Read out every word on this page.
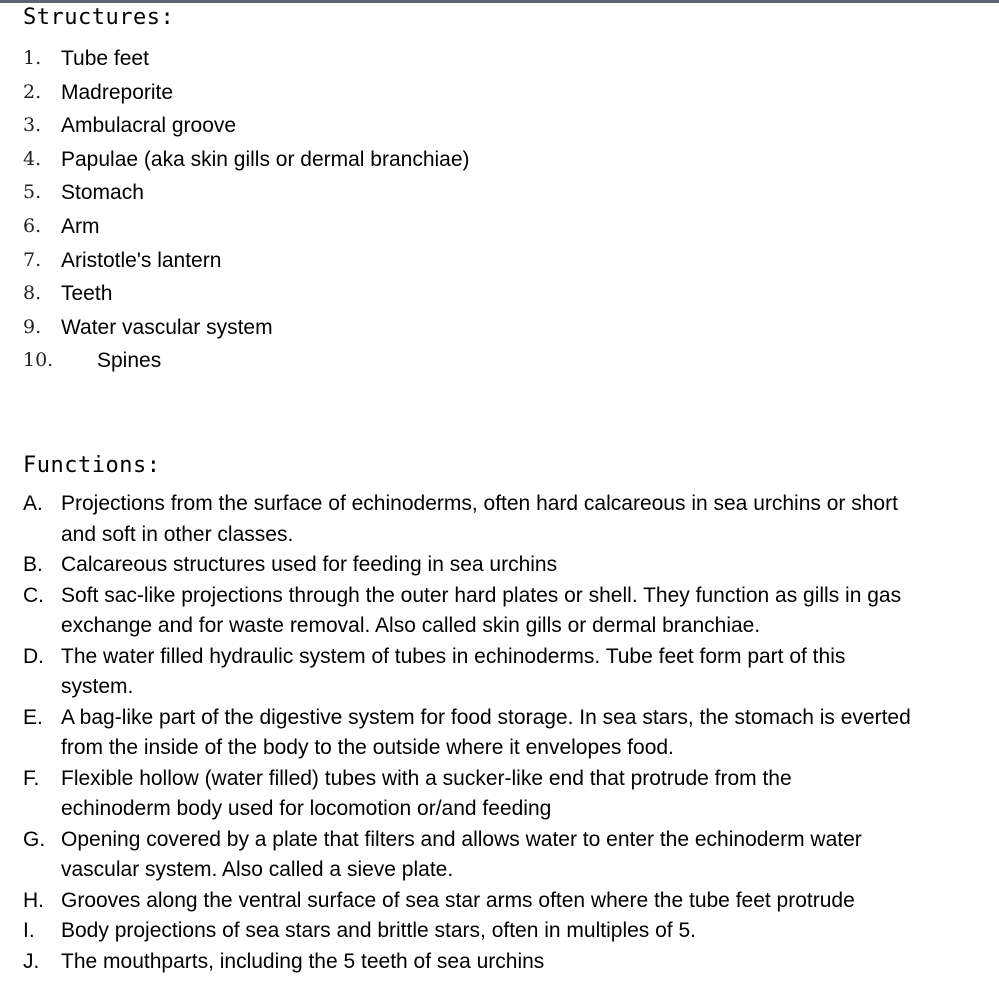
Structures:
1. Tube feet
2. Madreporite
3. Ambulacral groove
4. Papulae (aka skin gills or dermal branchiae)
5. Stomach
6. Arm
7. Aristotle's lantern
8. Teeth
9. Water vascular system
10. Spines
Functions:
A. Projections from the surface of echinoderms, often hard calcareous in sea urchins or short
and soft in other classes.
B. Calcareous structures used for feeding in sea urchins
C. Soft sac-like projections through the outer hard plates or shell. They function as gills in gas
exchange and for waste removal. Also called skin gills or dermal branchiae.
D. The water filled hydraulic system of tubes in echinoderms. Tube feet form part of this
system.
E. A bag-like part of the digestive system for food storage. In sea stars, the stomach is everted
from the inside of the body to the outside where it envelopes food.
F. Flexible hollow (water filled) tubes with a sucker-like end that protrude from the
echinoderm body used for locomotion or/and feeding
G. Opening covered by a plate that filters and allows water to enter the echinoderm water
vascular system. Also called a sieve plate.
H. Grooves along the ventral surface of sea star arms often where the tube feet protrude
I. Body projections of sea stars and brittle stars, often in multiples of 5.
J. The mouthparts, including the 5 teeth of sea urchins
